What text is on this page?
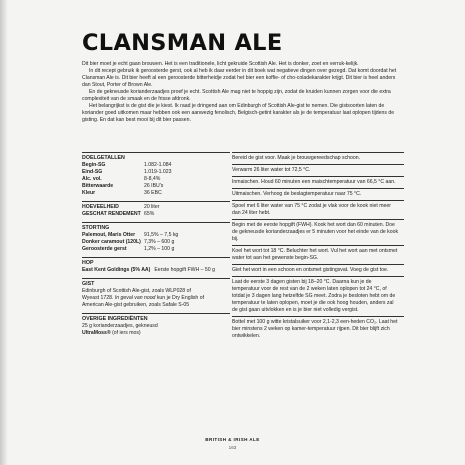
CLANSMAN ALE

Dit bier moet je echt gaan brouwen. Het is een traditionele, licht gekruide Scottish Ale. Het is donker, zoet en verruk-kelijk.

In dit recept gebruik ik geroosterde gerst, ook al heb ik daar eerder in dit boek wat negatieve dingen over gezegd. Dat komt doordat het Clansman Ale is. Dit bier heeft al een geroosterde bitterheidje zodat het bier een koffie- of cho-coladekarakter krijgt. Dit bier is heel anders dan Stout, Porter of Brown Ale.

En de gekneusde korianderzaadjes proef je echt. Scottish Ale mag niet te hoppig zijn, zodat de kruiden kunnen zorgen voor die extra complexiteit van de smaak en de frisse afdronk.

Het belangrijkst is de gist die je kiest. Ik raad je dringend aan om Edinburgh of Scottish Ale-gist te nemen. Die gistsoorten laten de koriander goed uitkomen maar hebben ook een aanwezig fenolisch, Belgisch-getint karakter als je de temperatuur laat oplopen tijdens de gisting. En dat kan best mooi bij dit bier passen.

DOELGETALLEN
Begin-SG	1.082-1.084
Eind-SG	1.019-1.023
Alc. vol.	8-8,4%
Bitterwaarde	26 IBU's
Kleur	36 EBC
HOEVEELHEID	20 liter
GESCHAT RENDEMENT 65%
STORTING
Palemout, Maris Otter	91,5% – 7,5 kg
Donker caramout (120L) 7,3% – 600 g
Geroosterde gerst	1,2% – 100 g
HOP
East Kent Goldings (5% AA) Eerste hopgift FWH – 50 g
GIST
Edinburgh of Scottish Ale-gist, zoals WLP028 of
Wyeast 1728. In geval van nood kun je Dry English of
American Ale-gist gebruiken, zoals Safale S-05
OVERIGE INGREDIËNTEN
25 g korianderzaadjes, gekneusd
UltraMoss® (of iers mos)
Bereid de gist voor. Maak je brouwgereedschap schoon.
Verwarm 26 liter water tot 72,5 °C.
Inmaischen. Houd 60 minuten een maischtemperatuur van 66,5 °C aan.
Uitmaischen. Verhoog de beslagtemperatuur naar 75 °C.
Spoel met 6 liter water van 75 °C zodat je vlak voor de kook niet meer dan 24 liter hebt.
Begin met de eerste hopgift (FWH). Kook het wort dan 60 minuten. Doe de gekneusde korianderzaadjes er 5 minuten voor het einde van de kook bij.
Koel het wort tot 18 °C. Beluchter het wort. Vul het wort aan met ontsmet water tot aan het gewenste begin-SG.
Giet het wort in een schoon en ontsmet gistingsvat. Voeg de gist toe.
Laat de eerste 3 dagen gisten bij 18–20 °C. Daarna kun je de temperatuur voor de rest van de 2 weken laten oplopen tot 24 °C, of totdat je 3 dagen lang hetzelfde SG meet. Zodra je besloten hebt om de temperatuur te laten oplopen, moet je die ook hoog houden, anders zal de gist gaan uitvlokken en is je bier niet volledig vergist.
Bottel met 100 g witte kristalsuiker voor 2,1-2,3 een-heden CO₂. Laat het bier minstens 2 weken op kamer-temperatuur rijpen. Dit bier blijft zich ontwikkelen.
BRITISH & IRISH ALE
163
